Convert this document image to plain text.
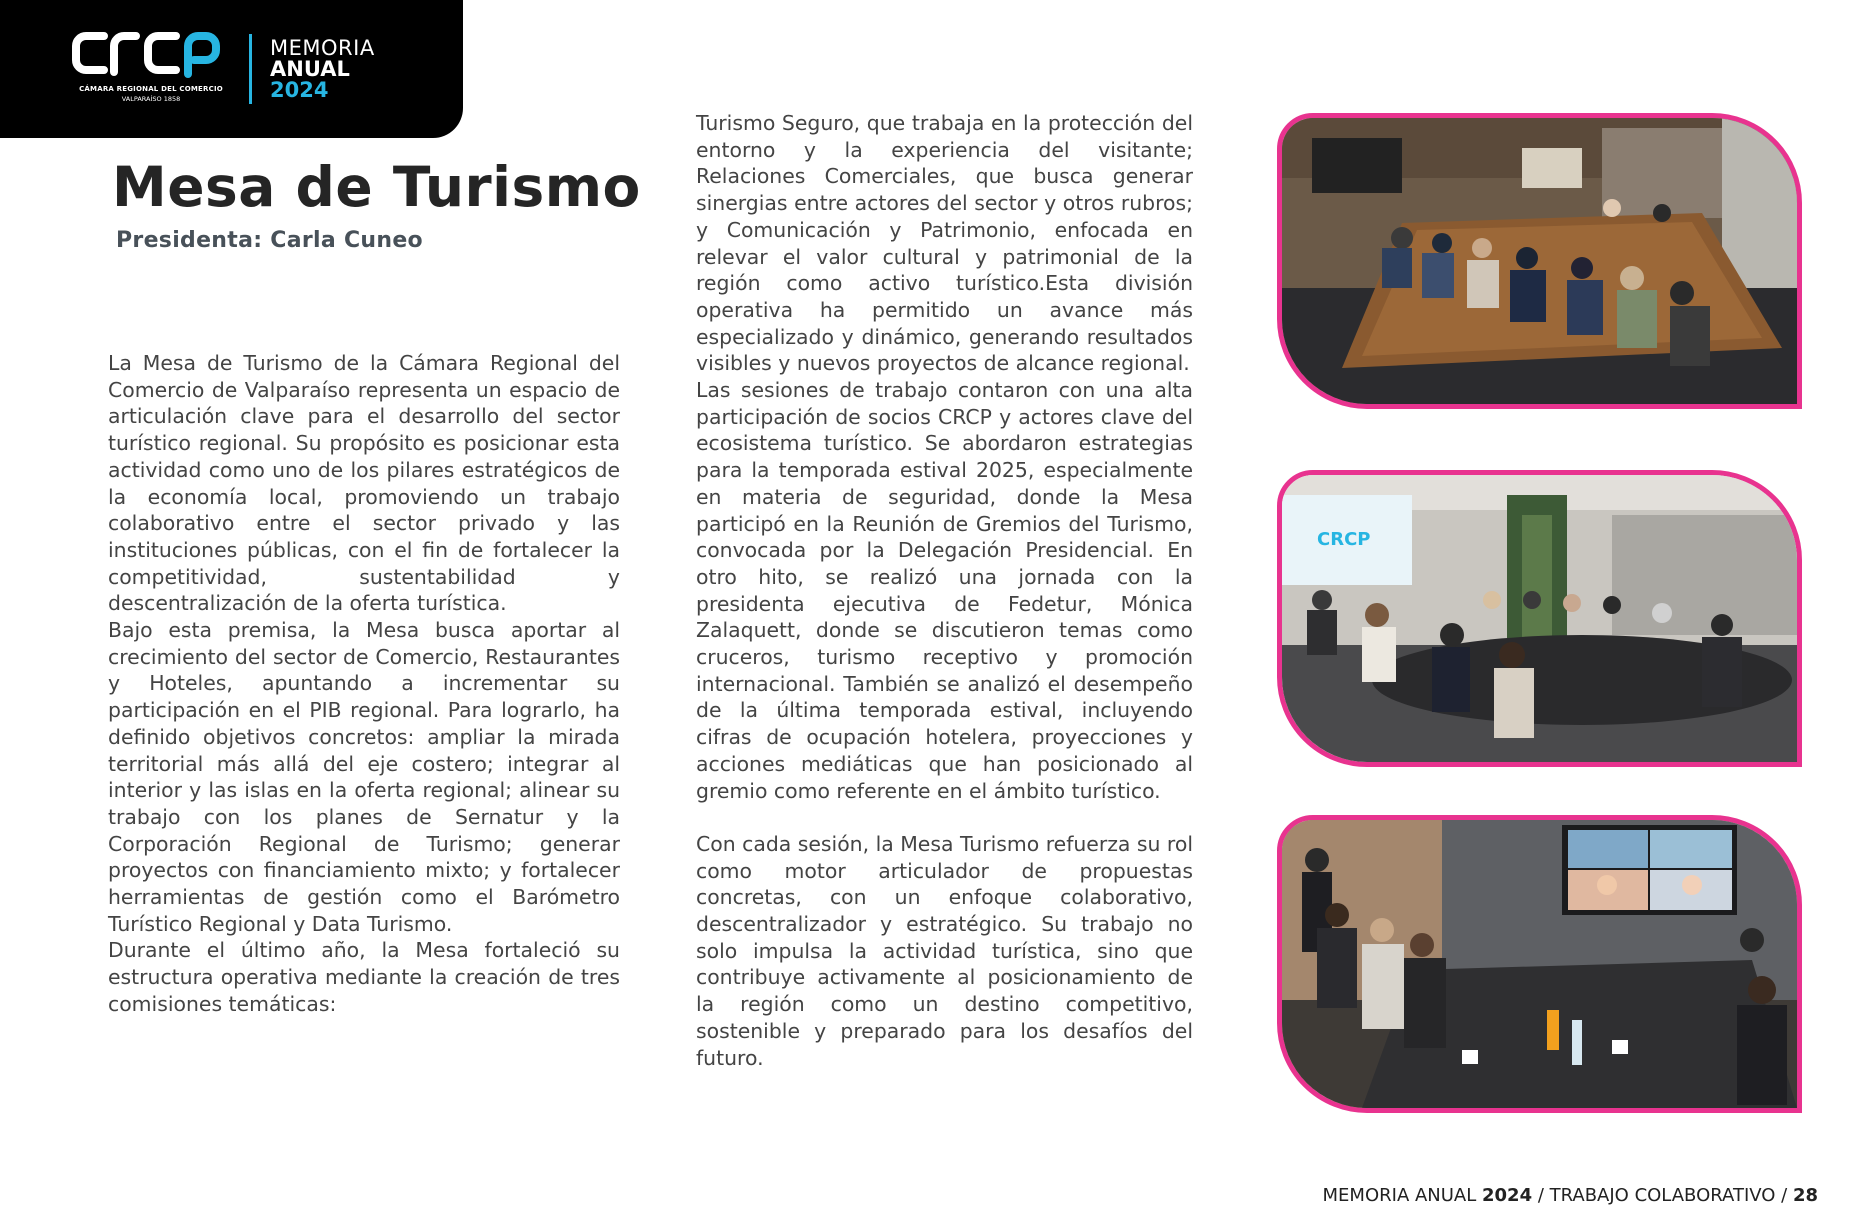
CÁMARA REGIONAL DEL COMERCIO
VALPARAÍSO 1858
MEMORIA
ANUAL
2024
Mesa de Turismo
Presidenta: Carla Cuneo

La Mesa de Turismo de la Cámara Regional del Comercio de Valparaíso representa un espacio de articulación clave para el desarrollo del sector turístico regional. Su propósito es posicionar esta actividad como uno de los pilares estratégicos de la economía local, promoviendo un trabajo colaborativo entre el sector privado y las instituciones públicas, con el fin de fortalecer la competitividad, sustentabilidad y descentralización de la oferta turística.

Bajo esta premisa, la Mesa busca aportar al crecimiento del sector de Comercio, Restaurantes y Hoteles, apuntando a incrementar su participación en el PIB regional. Para lograrlo, ha definido objetivos concretos: ampliar la mirada territorial más allá del eje costero; integrar al interior y las islas en la oferta regional; alinear su trabajo con los planes de Sernatur y la Corporación Regional de Turismo; generar proyectos con financiamiento mixto; y fortalecer herramientas de gestión como el Barómetro Turístico Regional y Data Turismo.

Durante el último año, la Mesa fortaleció su estructura operativa mediante la creación de tres comisiones temáticas:

Turismo Seguro, que trabaja en la protección del entorno y la experiencia del visitante; Relaciones Comerciales, que busca generar sinergias entre actores del sector y otros rubros; y Comunicación y Patrimonio, enfocada en relevar el valor cultural y patrimonial de la región como activo turístico.Esta división operativa ha permitido un avance más especializado y dinámico, generando resultados visibles y nuevos proyectos de alcance regional.

Las sesiones de trabajo contaron con una alta participación de socios CRCP y actores clave del ecosistema turístico. Se abordaron estrategias para la temporada estival 2025, especialmente en materia de seguridad, donde la Mesa participó en la Reunión de Gremios del Turismo, convocada por la Delegación Presidencial. En otro hito, se realizó una jornada con la presidenta ejecutiva de Fedetur, Mónica Zalaquett, donde se discutieron temas como cruceros, turismo receptivo y promoción internacional. También se analizó el desempeño de la última temporada estival, incluyendo cifras de ocupación hotelera, proyecciones y acciones mediáticas que han posicionado al gremio como referente en el ámbito turístico.

Con cada sesión, la Mesa Turismo refuerza su rol como motor articulador de propuestas concretas, con un enfoque colaborativo, descentralizador y estratégico. Su trabajo no solo impulsa la actividad turística, sino que contribuye activamente al posicionamiento de la región como un destino competitivo, sostenible y preparado para los desafíos del futuro.

CRCP
MEMORIA ANUAL 2024 / TRABAJO COLABORATIVO / 28
